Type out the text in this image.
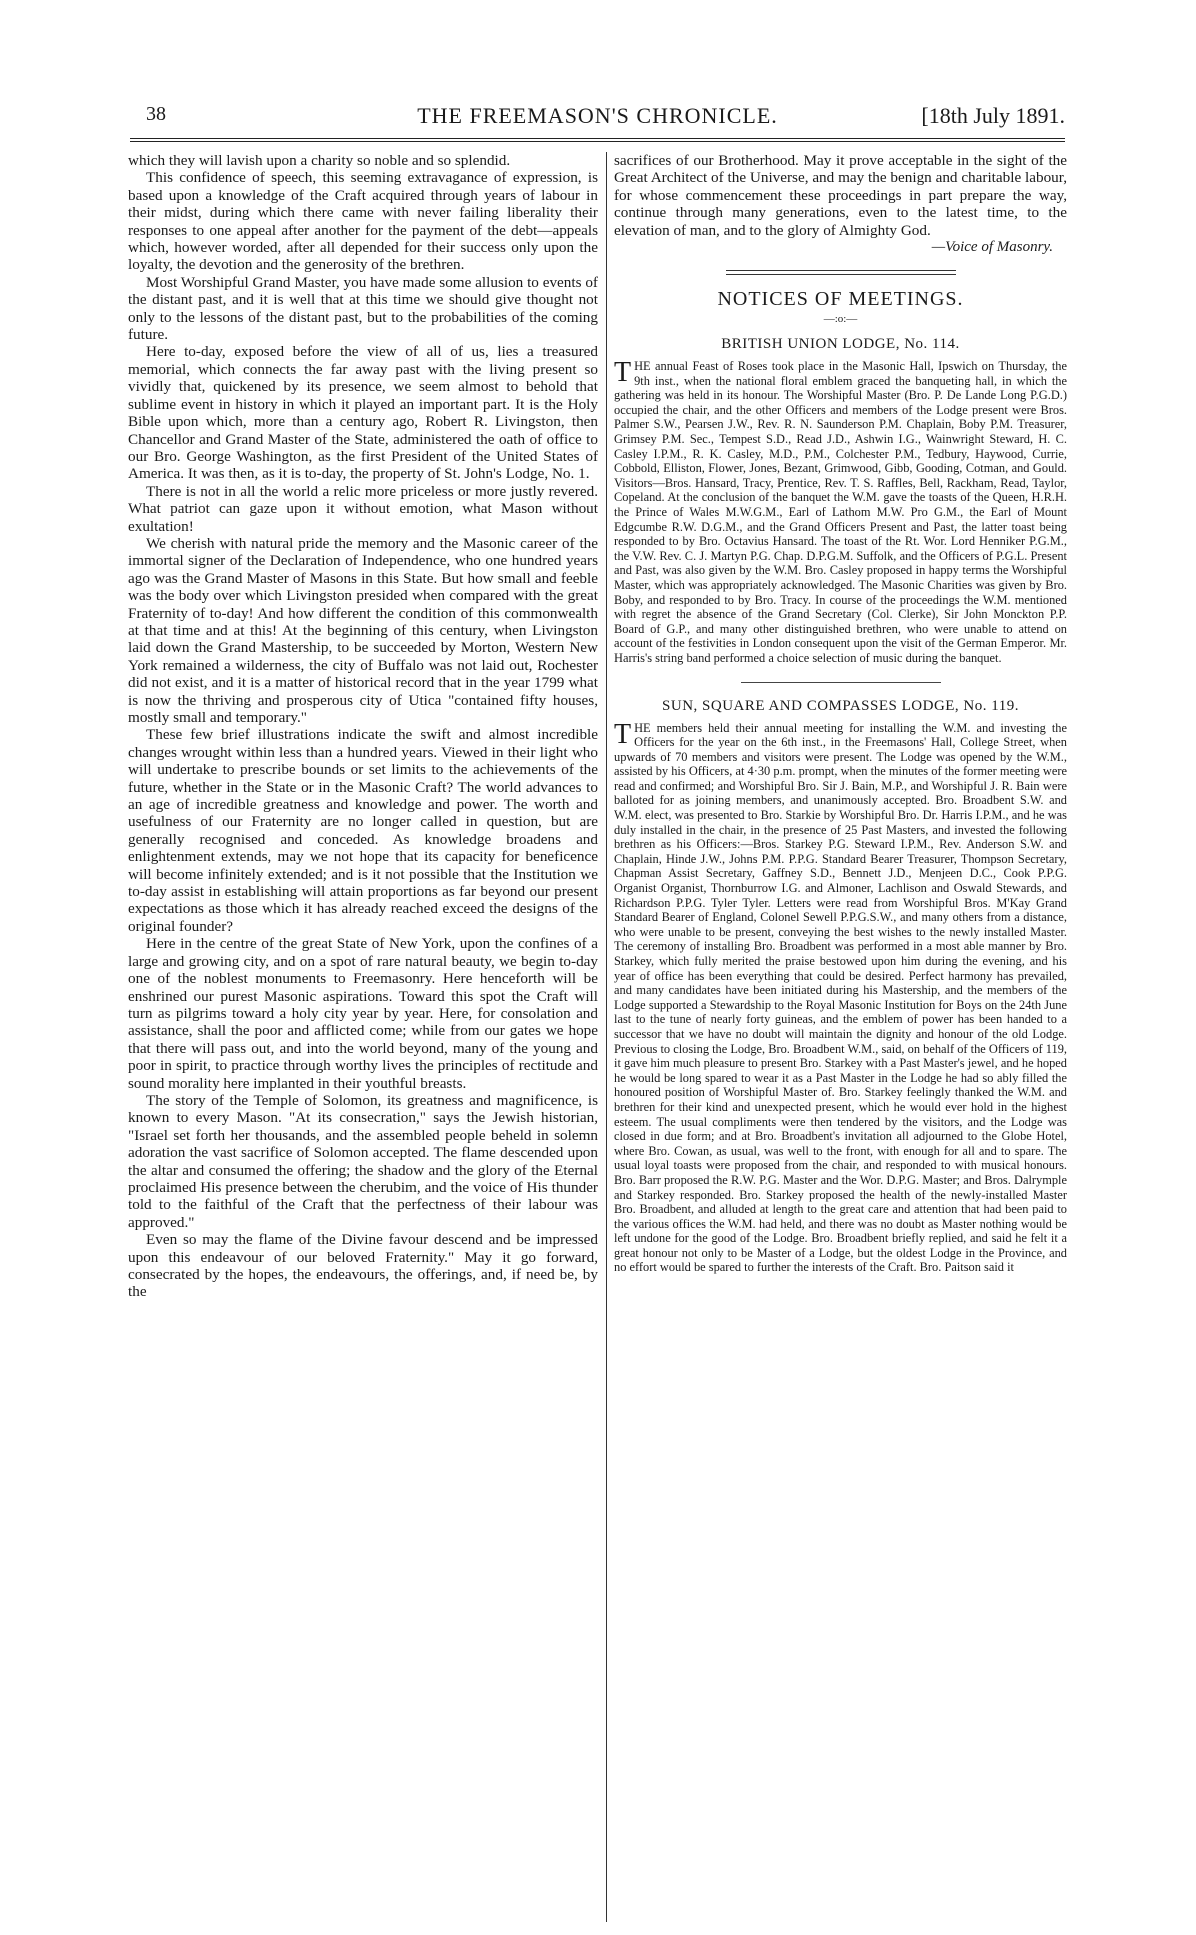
38	THE FREEMASON'S CHRONICLE.	[18th July 1891.

which they will lavish upon a charity so noble and so splendid.

This confidence of speech, this seeming extravagance of expression, is based upon a knowledge of the Craft acquired through years of labour in their midst, during which there came with never failing liberality their responses to one appeal after another for the payment of the debt—appeals which, however worded, after all depended for their success only upon the loyalty, the devotion and the generosity of the brethren.

Most Worshipful Grand Master, you have made some allusion to events of the distant past, and it is well that at this time we should give thought not only to the lessons of the distant past, but to the probabilities of the coming future.

Here to-day, exposed before the view of all of us, lies a treasured memorial, which connects the far away past with the living present so vividly that, quickened by its presence, we seem almost to behold that sublime event in history in which it played an important part. It is the Holy Bible upon which, more than a century ago, Robert R. Livingston, then Chancellor and Grand Master of the State, administered the oath of office to our Bro. George Washington, as the first President of the United States of America. It was then, as it is to-day, the property of St. John's Lodge, No. 1.

There is not in all the world a relic more priceless or more justly revered. What patriot can gaze upon it without emotion, what Mason without exultation!

We cherish with natural pride the memory and the Masonic career of the immortal signer of the Declaration of Independence, who one hundred years ago was the Grand Master of Masons in this State. But how small and feeble was the body over which Livingston presided when compared with the great Fraternity of to-day! And how different the condition of this commonwealth at that time and at this! At the beginning of this century, when Livingston laid down the Grand Mastership, to be succeeded by Morton, Western New York remained a wilderness, the city of Buffalo was not laid out, Rochester did not exist, and it is a matter of historical record that in the year 1799 what is now the thriving and prosperous city of Utica "contained fifty houses, mostly small and temporary."

These few brief illustrations indicate the swift and almost incredible changes wrought within less than a hundred years. Viewed in their light who will undertake to prescribe bounds or set limits to the achievements of the future, whether in the State or in the Masonic Craft? The world advances to an age of incredible greatness and knowledge and power. The worth and usefulness of our Fraternity are no longer called in question, but are generally recognised and conceded. As knowledge broadens and enlightenment extends, may we not hope that its capacity for beneficence will become infinitely extended; and is it not possible that the Institution we to-day assist in establishing will attain proportions as far beyond our present expectations as those which it has already reached exceed the designs of the original founder?

Here in the centre of the great State of New York, upon the confines of a large and growing city, and on a spot of rare natural beauty, we begin to-day one of the noblest monuments to Freemasonry. Here henceforth will be enshrined our purest Masonic aspirations. Toward this spot the Craft will turn as pilgrims toward a holy city year by year. Here, for consolation and assistance, shall the poor and afflicted come; while from our gates we hope that there will pass out, and into the world beyond, many of the young and poor in spirit, to practice through worthy lives the principles of rectitude and sound morality here implanted in their youthful breasts.

The story of the Temple of Solomon, its greatness and magnificence, is known to every Mason. "At its consecration," says the Jewish historian, "Israel set forth her thousands, and the assembled people beheld in solemn adoration the vast sacrifice of Solomon accepted. The flame descended upon the altar and consumed the offering; the shadow and the glory of the Eternal proclaimed His presence between the cherubim, and the voice of His thunder told to the faithful of the Craft that the perfectness of their labour was approved."

Even so may the flame of the Divine favour descend and be impressed upon this endeavour of our beloved Fraternity." May it go forward, consecrated by the hopes, the endeavours, the offerings, and, if need be, by the

sacrifices of our Brotherhood. May it prove acceptable in the sight of the Great Architect of the Universe, and may the benign and charitable labour, for whose commencement these proceedings in part prepare the way, continue through many generations, even to the latest time, to the elevation of man, and to the glory of Almighty God.

—Voice of Masonry.
NOTICES OF MEETINGS.
—:o:—
BRITISH UNION LODGE, No. 114.

THE annual Feast of Roses took place in the Masonic Hall, Ipswich on Thursday, the 9th inst., when the national floral emblem graced the banqueting hall, in which the gathering was held in its honour. The Worshipful Master (Bro. P. De Lande Long P.G.D.) occupied the chair, and the other Officers and members of the Lodge present were Bros. Palmer S.W., Pearsen J.W., Rev. R. N. Saunderson P.M. Chaplain, Boby P.M. Treasurer, Grimsey P.M. Sec., Tempest S.D., Read J.D., Ashwin I.G., Wainwright Steward, H. C. Casley I.P.M., R. K. Casley, M.D., P.M., Colchester P.M., Tedbury, Haywood, Currie, Cobbold, Elliston, Flower, Jones, Bezant, Grimwood, Gibb, Gooding, Cotman, and Gould. Visitors—Bros. Hansard, Tracy, Prentice, Rev. T. S. Raffles, Bell, Rackham, Read, Taylor, Copeland. At the conclusion of the banquet the W.M. gave the toasts of the Queen, H.R.H. the Prince of Wales M.W.G.M., Earl of Lathom M.W. Pro G.M., the Earl of Mount Edgcumbe R.W. D.G.M., and the Grand Officers Present and Past, the latter toast being responded to by Bro. Octavius Hansard. The toast of the Rt. Wor. Lord Henniker P.G.M., the V.W. Rev. C. J. Martyn P.G. Chap. D.P.G.M. Suffolk, and the Officers of P.G.L. Present and Past, was also given by the W.M. Bro. Casley proposed in happy terms the Worshipful Master, which was appropriately acknowledged. The Masonic Charities was given by Bro. Boby, and responded to by Bro. Tracy. In course of the proceedings the W.M. mentioned with regret the absence of the Grand Secretary (Col. Clerke), Sir John Monckton P.P. Board of G.P., and many other distinguished brethren, who were unable to attend on account of the festivities in London consequent upon the visit of the German Emperor. Mr. Harris's string band performed a choice selection of music during the banquet.

SUN, SQUARE AND COMPASSES LODGE, No. 119.

THE members held their annual meeting for installing the W.M. and investing the Officers for the year on the 6th inst., in the Freemasons' Hall, College Street, when upwards of 70 members and visitors were present. The Lodge was opened by the W.M., assisted by his Officers, at 4·30 p.m. prompt, when the minutes of the former meeting were read and confirmed; and Worshipful Bro. Sir J. Bain, M.P., and Worshipful J. R. Bain were balloted for as joining members, and unanimously accepted. Bro. Broadbent S.W. and W.M. elect, was presented to Bro. Starkie by Worshipful Bro. Dr. Harris I.P.M., and he was duly installed in the chair, in the presence of 25 Past Masters, and invested the following brethren as his Officers:—Bros. Starkey P.G. Steward I.P.M., Rev. Anderson S.W. and Chaplain, Hinde J.W., Johns P.M. P.P.G. Standard Bearer Treasurer, Thompson Secretary, Chapman Assist Secretary, Gaffney S.D., Bennett J.D., Menjeen D.C., Cook P.P.G. Organist Organist, Thornburrow I.G. and Almoner, Lachlison and Oswald Stewards, and Richardson P.P.G. Tyler Tyler. Letters were read from Worshipful Bros. M'Kay Grand Standard Bearer of England, Colonel Sewell P.P.G.S.W., and many others from a distance, who were unable to be present, conveying the best wishes to the newly installed Master. The ceremony of installing Bro. Broadbent was performed in a most able manner by Bro. Starkey, which fully merited the praise bestowed upon him during the evening, and his year of office has been everything that could be desired. Perfect harmony has prevailed, and many candidates have been initiated during his Mastership, and the members of the Lodge supported a Stewardship to the Royal Masonic Institution for Boys on the 24th June last to the tune of nearly forty guineas, and the emblem of power has been handed to a successor that we have no doubt will maintain the dignity and honour of the old Lodge. Previous to closing the Lodge, Bro. Broadbent W.M., said, on behalf of the Officers of 119, it gave him much pleasure to present Bro. Starkey with a Past Master's jewel, and he hoped he would be long spared to wear it as a Past Master in the Lodge he had so ably filled the honoured position of Worshipful Master of. Bro. Starkey feelingly thanked the W.M. and brethren for their kind and unexpected present, which he would ever hold in the highest esteem. The usual compliments were then tendered by the visitors, and the Lodge was closed in due form; and at Bro. Broadbent's invitation all adjourned to the Globe Hotel, where Bro. Cowan, as usual, was well to the front, with enough for all and to spare. The usual loyal toasts were proposed from the chair, and responded to with musical honours. Bro. Barr proposed the R.W. P.G. Master and the Wor. D.P.G. Master; and Bros. Dalrymple and Starkey responded. Bro. Starkey proposed the health of the newly-installed Master Bro. Broadbent, and alluded at length to the great care and attention that had been paid to the various offices the W.M. had held, and there was no doubt as Master nothing would be left undone for the good of the Lodge. Bro. Broadbent briefly replied, and said he felt it a great honour not only to be Master of a Lodge, but the oldest Lodge in the Province, and no effort would be spared to further the interests of the Craft. Bro. Paitson said it
